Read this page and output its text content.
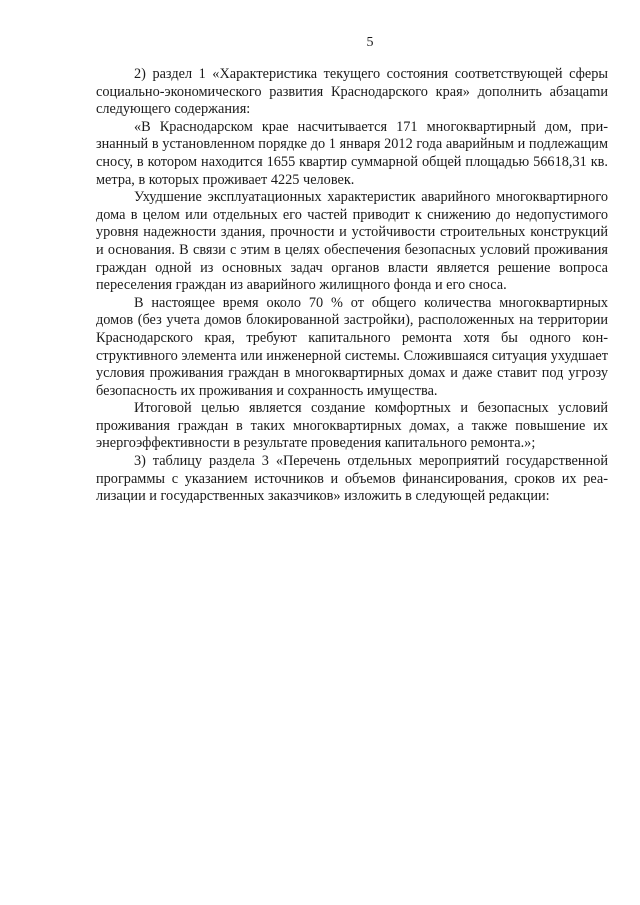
5

2) раздел 1 «Характеристика текущего состояния соответствующей сферы социально-экономического развития Краснодарского края» дополнить абзацаmи следующего содержания:

«В Краснодарском крае насчитывается 171 многоквартирный дом, признанный в установленном порядке до 1 января 2012 года аварийным и подлежащим сносу, в котором находится 1655 квартир суммарной общей площадью 56618,31 кв. метра, в которых проживает 4225 человек.

Ухудшение эксплуатационных характеристик аварийного многоквартирного дома в целом или отдельных его частей приводит к снижению до недопустимого уровня надежности здания, прочности и устойчивости строительных конструкций и основания. В связи с этим в целях обеспечения безопасных условий проживания граждан одной из основных задач органов власти является решение вопроса переселения граждан из аварийного жилищного фонда и его сноса.

В настоящее время около 70 % от общего количества многоквартирных домов (без учета домов блокированной застройки), расположенных на территории Краснодарского края, требуют капитального ремонта хотя бы одного конструктивного элемента или инженерной системы. Сложившаяся ситуация ухудшает условия проживания граждан в многоквартирных домах и даже ставит под угрозу безопасность их проживания и сохранность имущества.

Итоговой целью является создание комфортных и безопасных условий проживания граждан в таких многоквартирных домах, а также повышение их энергоэффективности в результате проведения капитального ремонта.»;

3) таблицу раздела 3 «Перечень отдельных мероприятий государственной программы с указанием источников и объемов финансирования, сроков их реализации и государственных заказчиков» изложить в следующей редакции:
